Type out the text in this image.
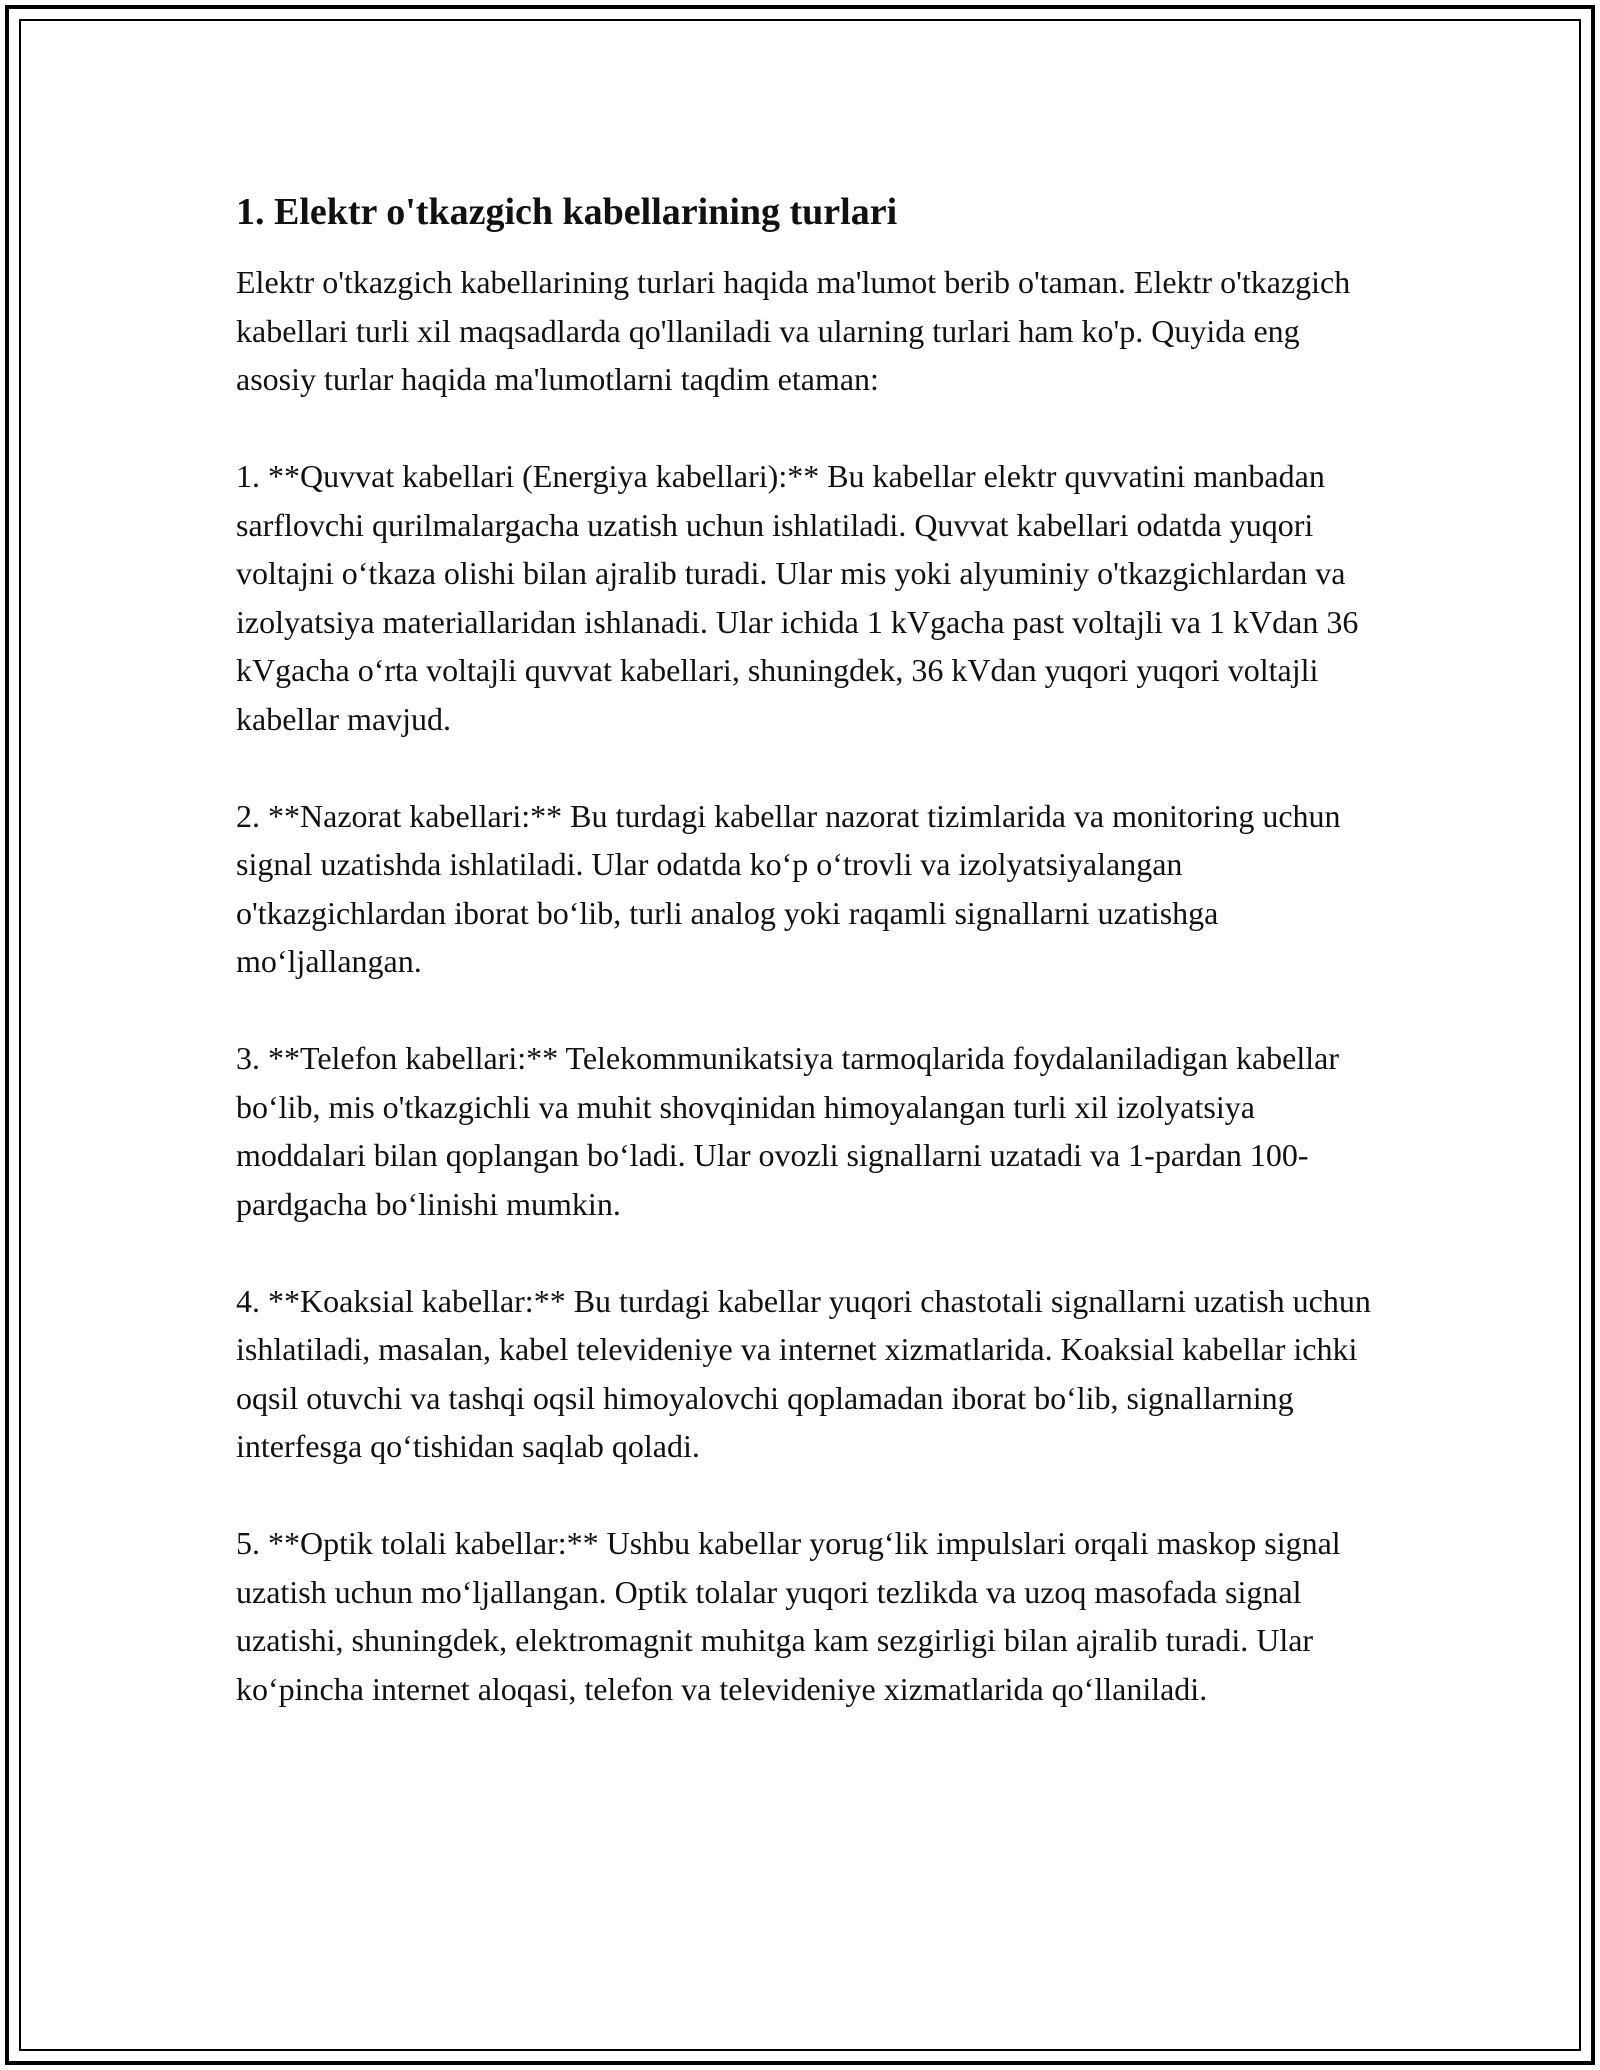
1. Elektr o'tkazgich kabellarining turlari

Elektr o'tkazgich kabellarining turlari haqida ma'lumot berib o'taman. Elektr o'tkazgich kabellari turli xil maqsadlarda qo'llaniladi va ularning turlari ham ko'p. Quyida eng asosiy turlar haqida ma'lumotlarni taqdim etaman:

1. **Quvvat kabellari (Energiya kabellari):** Bu kabellar elektr quvvatini manbadan sarflovchi qurilmalargacha uzatish uchun ishlatiladi. Quvvat kabellari odatda yuqori voltajni o‘tkaza olishi bilan ajralib turadi. Ular mis yoki alyuminiy o'tkazgichlardan va izolyatsiya materiallaridan ishlanadi. Ular ichida 1 kVgacha past voltajli va 1 kVdan 36 kVgacha o‘rta voltajli quvvat kabellari, shuningdek, 36 kVdan yuqori yuqori voltajli kabellar mavjud.

2. **Nazorat kabellari:** Bu turdagi kabellar nazorat tizimlarida va monitoring uchun signal uzatishda ishlatiladi. Ular odatda ko‘p o‘trovli va izolyatsiyalangan o'tkazgichlardan iborat bo‘lib, turli analog yoki raqamli signallarni uzatishga mo‘ljallangan.

3. **Telefon kabellari:** Telekommunikatsiya tarmoqlarida foydalaniladigan kabellar bo‘lib, mis o'tkazgichli va muhit shovqinidan himoyalangan turli xil izolyatsiya moddalari bilan qoplangan bo‘ladi. Ular ovozli signallarni uzatadi va 1-pardan 100-pardgacha bo‘linishi mumkin.

4. **Koaksial kabellar:** Bu turdagi kabellar yuqori chastotali signallarni uzatish uchun ishlatiladi, masalan, kabel televideniye va internet xizmatlarida. Koaksial kabellar ichki oqsil otuvchi va tashqi oqsil himoyalovchi qoplamadan iborat bo‘lib, signallarning interfesga qo‘tishidan saqlab qoladi.

5. **Optik tolali kabellar:** Ushbu kabellar yorug‘lik impulslari orqali maskop signal uzatish uchun mo‘ljallangan. Optik tolalar yuqori tezlikda va uzoq masofada signal uzatishi, shuningdek, elektromagnit muhitga kam sezgirligi bilan ajralib turadi. Ular ko‘pincha internet aloqasi, telefon va televideniye xizmatlarida qo‘llaniladi.
